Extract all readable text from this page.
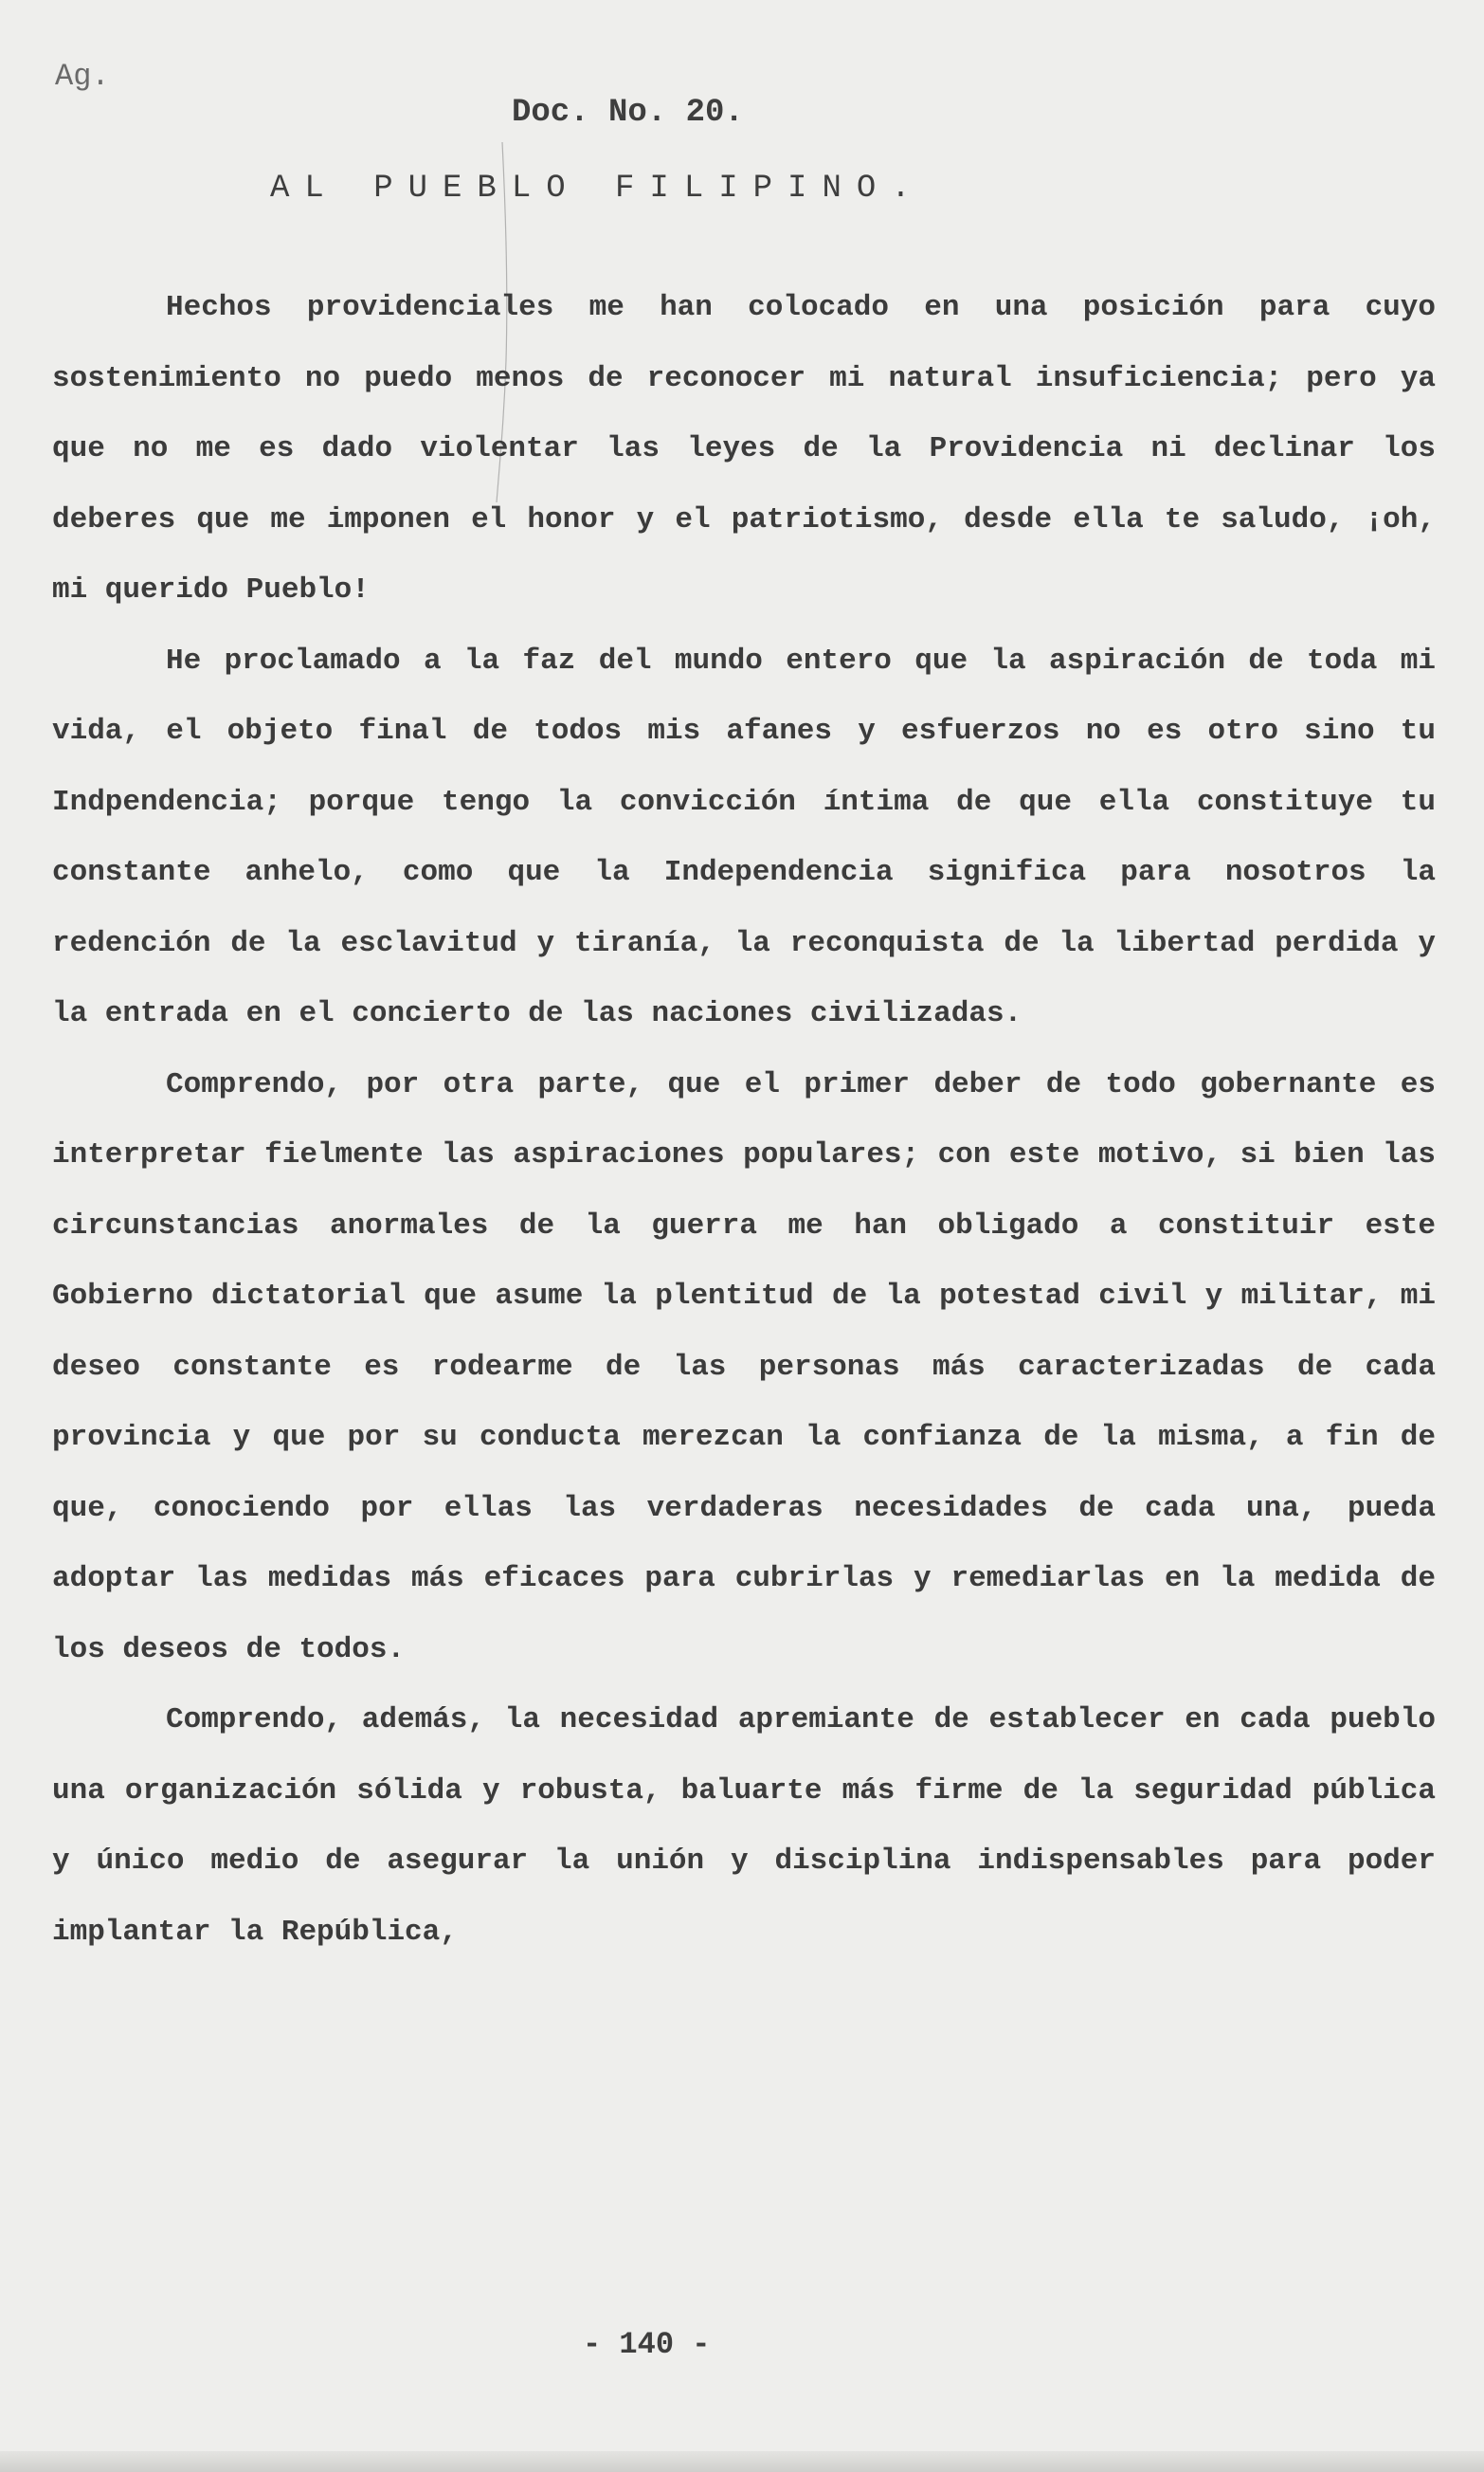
Ag.
Doc. No. 20.
AL PUEBLO FILIPINO.

Hechos providenciales me han colocado en una posición para cuyo sostenimiento no puedo menos de reconocer mi natural insuficiencia; pero ya que no me es dado violentar las leyes de la Providencia ni declinar los deberes que me imponen el honor y el patriotismo, desde ella te saludo, ¡oh, mi querido Pueblo!

He proclamado a la faz del mundo entero que la aspiración de toda mi vida, el objeto final de todos mis afanes y esfuerzos no es otro sino tu Indpendencia; porque tengo la convicción íntima de que ella constituye tu constante anhelo, como que la Independencia significa para nosotros la redención de la esclavitud y tiranía, la reconquista de la libertad perdida y la entrada en el concierto de las naciones civilizadas.

Comprendo, por otra parte, que el primer deber de todo gobernante es interpretar fielmente las aspiraciones populares; con este motivo, si bien las circunstancias anormales de la guerra me han obligado a constituir este Gobierno dictatorial que asume la plentitud de la potestad civil y militar, mi deseo constante es rodearme de las personas más caracterizadas de cada provincia y que por su conducta merezcan la confianza de la misma, a fin de que, conociendo por ellas las verdaderas necesidades de cada una, pueda adoptar las medidas más eficaces para cubrirlas y remediarlas en la medida de los deseos de todos.

Comprendo, además, la necesidad apremiante de establecer en cada pueblo una organización sólida y robusta, baluarte más firme de la seguridad pública y único medio de asegurar la unión y disciplina indispensables para poder implantar la República,

- 140 -
